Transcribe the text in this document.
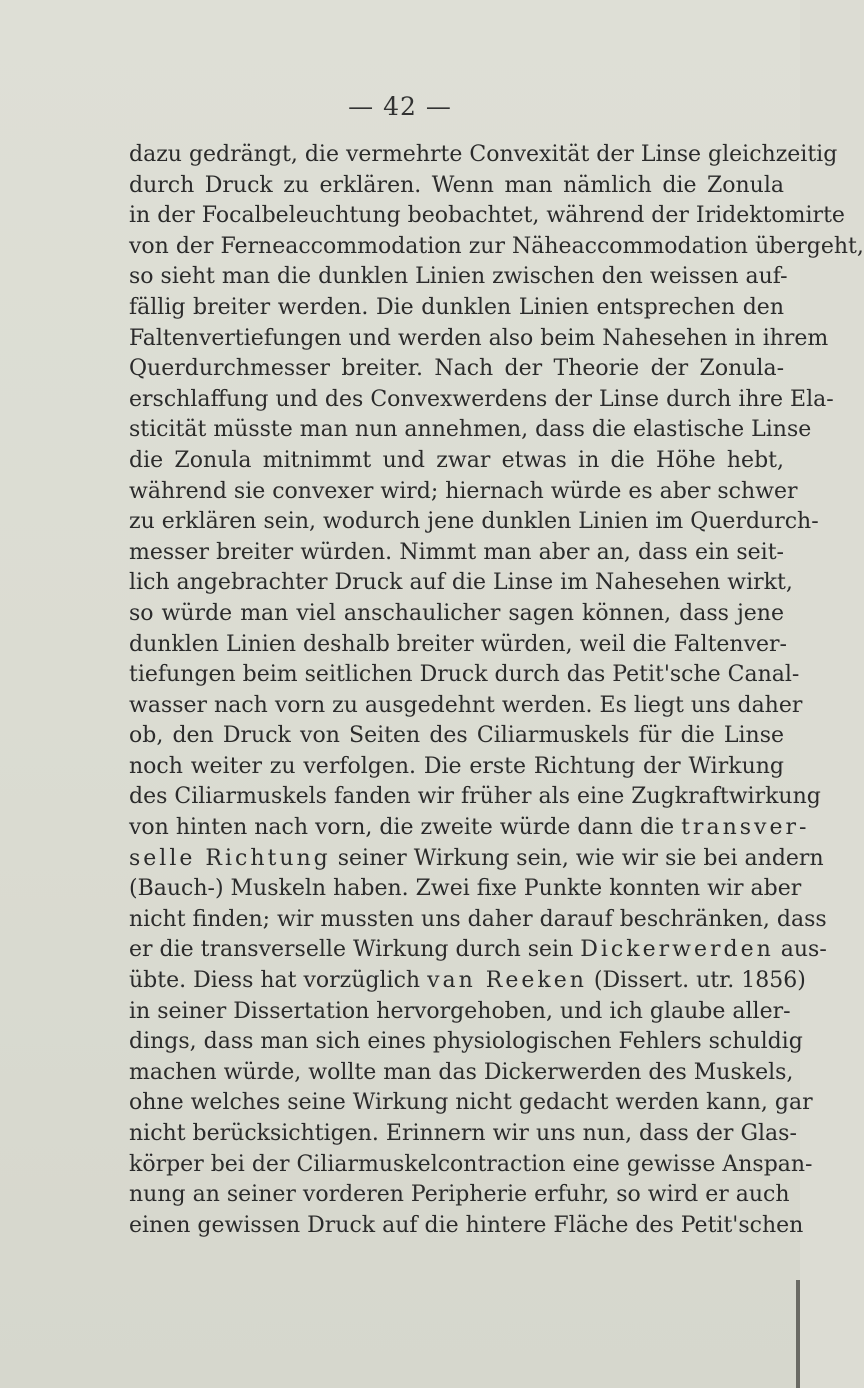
— 42 —
dazu gedrängt, die vermehrte Convexität der Linse gleichzeitig
durch Druck zu erklären. Wenn man nämlich die Zonula
in der Focalbeleuchtung beobachtet, während der Iridektomirte
von der Ferneaccommodation zur Näheaccommodation übergeht,
so sieht man die dunklen Linien zwischen den weissen auf-
fällig breiter werden. Die dunklen Linien entsprechen den
Faltenvertiefungen und werden also beim Nahesehen in ihrem
Querdurchmesser breiter. Nach der Theorie der Zonula-
erschlaffung und des Convexwerdens der Linse durch ihre Ela-
sticität müsste man nun annehmen, dass die elastische Linse
die Zonula mitnimmt und zwar etwas in die Höhe hebt,
während sie convexer wird; hiernach würde es aber schwer
zu erklären sein, wodurch jene dunklen Linien im Querdurch-
messer breiter würden. Nimmt man aber an, dass ein seit-
lich angebrachter Druck auf die Linse im Nahesehen wirkt,
so würde man viel anschaulicher sagen können, dass jene
dunklen Linien deshalb breiter würden, weil die Faltenver-
tiefungen beim seitlichen Druck durch das Petit'sche Canal-
wasser nach vorn zu ausgedehnt werden. Es liegt uns daher
ob, den Druck von Seiten des Ciliarmuskels für die Linse
noch weiter zu verfolgen. Die erste Richtung der Wirkung
des Ciliarmuskels fanden wir früher als eine Zugkraftwirkung
von hinten nach vorn, die zweite würde dann die transver-
selle Richtung seiner Wirkung sein, wie wir sie bei andern
(Bauch-) Muskeln haben. Zwei fixe Punkte konnten wir aber
nicht finden; wir mussten uns daher darauf beschränken, dass
er die transverselle Wirkung durch sein Dickerwerden aus-
übte. Diess hat vorzüglich van Reeken (Dissert. utr. 1856)
in seiner Dissertation hervorgehoben, und ich glaube aller-
dings, dass man sich eines physiologischen Fehlers schuldig
machen würde, wollte man das Dickerwerden des Muskels,
ohne welches seine Wirkung nicht gedacht werden kann, gar
nicht berücksichtigen. Erinnern wir uns nun, dass der Glas-
körper bei der Ciliarmuskelcontraction eine gewisse Anspan-
nung an seiner vorderen Peripherie erfuhr, so wird er auch
einen gewissen Druck auf die hintere Fläche des Petit'schen
